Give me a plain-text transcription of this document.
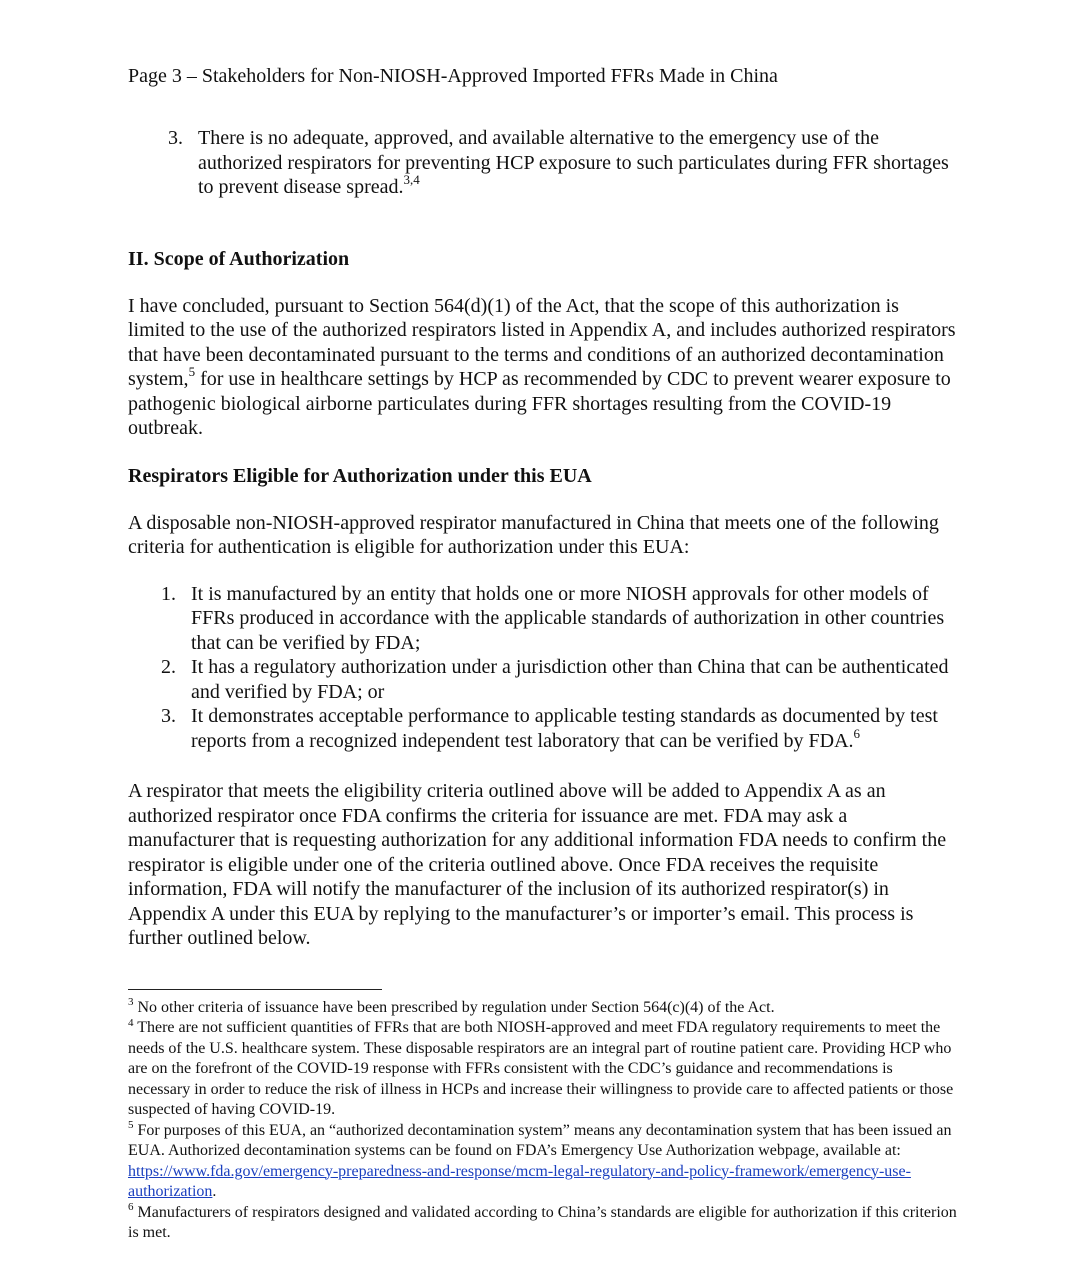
Page 3 – Stakeholders for Non-NIOSH-Approved Imported FFRs Made in China
3. There is no adequate, approved, and available alternative to the emergency use of the authorized respirators for preventing HCP exposure to such particulates during FFR shortages to prevent disease spread.$^{3,4}$
II. Scope of Authorization

I have concluded, pursuant to Section 564(d)(1) of the Act, that the scope of this authorization is limited to the use of the authorized respirators listed in Appendix A, and includes authorized respirators that have been decontaminated pursuant to the terms and conditions of an authorized decontamination system,$^5$ for use in healthcare settings by HCP as recommended by CDC to prevent wearer exposure to pathogenic biological airborne particulates during FFR shortages resulting from the COVID-19 outbreak.

Respirators Eligible for Authorization under this EUA

A disposable non-NIOSH-approved respirator manufactured in China that meets one of the following criteria for authentication is eligible for authorization under this EUA:

1. It is manufactured by an entity that holds one or more NIOSH approvals for other models of FFRs produced in accordance with the applicable standards of authorization in other countries that can be verified by FDA;
2. It has a regulatory authorization under a jurisdiction other than China that can be authenticated and verified by FDA; or
3. It demonstrates acceptable performance to applicable testing standards as documented by test reports from a recognized independent test laboratory that can be verified by FDA.$^6$

A respirator that meets the eligibility criteria outlined above will be added to Appendix A as an authorized respirator once FDA confirms the criteria for issuance are met. FDA may ask a manufacturer that is requesting authorization for any additional information FDA needs to confirm the respirator is eligible under one of the criteria outlined above. Once FDA receives the requisite information, FDA will notify the manufacturer of the inclusion of its authorized respirator(s) in Appendix A under this EUA by replying to the manufacturer’s or importer’s email. This process is further outlined below.

$^3$ No other criteria of issuance have been prescribed by regulation under Section 564(c)(4) of the Act.

$^4$ There are not sufficient quantities of FFRs that are both NIOSH-approved and meet FDA regulatory requirements to meet the needs of the U.S. healthcare system. These disposable respirators are an integral part of routine patient care. Providing HCP who are on the forefront of the COVID-19 response with FFRs consistent with the CDC’s guidance and recommendations is necessary in order to reduce the risk of illness in HCPs and increase their willingness to provide care to affected patients or those suspected of having COVID-19.

$^5$ For purposes of this EUA, an “authorized decontamination system” means any decontamination system that has been issued an EUA. Authorized decontamination systems can be found on FDA’s Emergency Use Authorization webpage, available at: https://www.fda.gov/emergency-preparedness-and-response/mcm-legal-regulatory-and-policy-framework/emergency-use-authorization.

$^6$ Manufacturers of respirators designed and validated according to China’s standards are eligible for authorization if this criterion is met.
